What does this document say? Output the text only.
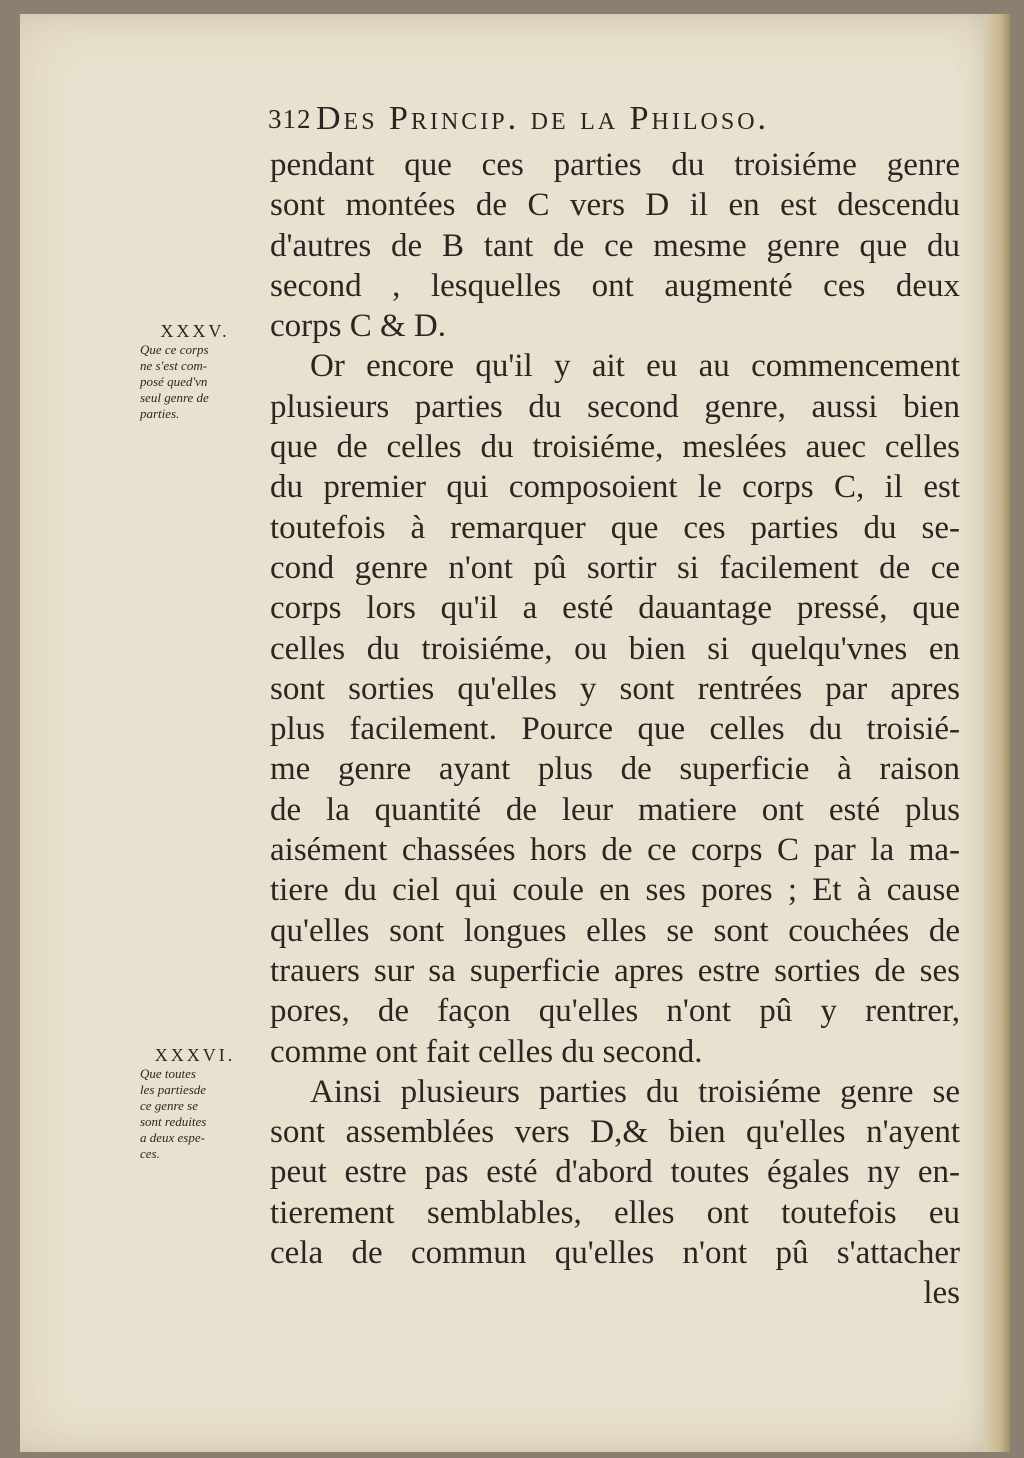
312 Des Princip. de la Philoso.
XXXV.
Que ce corps
ne s'est com-
posé qued'vn
seul genre de
parties.
XXXVI.
Que toutes
les partiesde
ce genre se
sont reduites
a deux espe-
ces.
pendant que ces parties du troisiéme genre
sont montées de C vers D il en est descendu
d'autres de B tant de ce mesme genre que du
second , lesquelles ont augmenté ces deux
corps C & D.
Or encore qu'il y ait eu au commencement
plusieurs parties du second genre, aussi bien
que de celles du troisiéme, meslées auec celles
du premier qui composoient le corps C, il est
toutefois à remarquer que ces parties du se-
cond genre n'ont pû sortir si facilement de ce
corps lors qu'il a esté dauantage pressé, que
celles du troisiéme, ou bien si quelqu'vnes en
sont sorties qu'elles y sont rentrées par apres
plus facilement. Pource que celles du troisié-
me genre ayant plus de superficie à raison
de la quantité de leur matiere ont esté plus
aisément chassées hors de ce corps C par la ma-
tiere du ciel qui coule en ses pores ; Et à cause
qu'elles sont longues elles se sont couchées de
trauers sur sa superficie apres estre sorties de ses
pores, de façon qu'elles n'ont pû y rentrer,
comme ont fait celles du second.
Ainsi plusieurs parties du troisiéme genre se
sont assemblées vers D,& bien qu'elles n'ayent
peut estre pas esté d'abord toutes égales ny en-
tierement semblables, elles ont toutefois eu
cela de commun qu'elles n'ont pû s'attacher
les
